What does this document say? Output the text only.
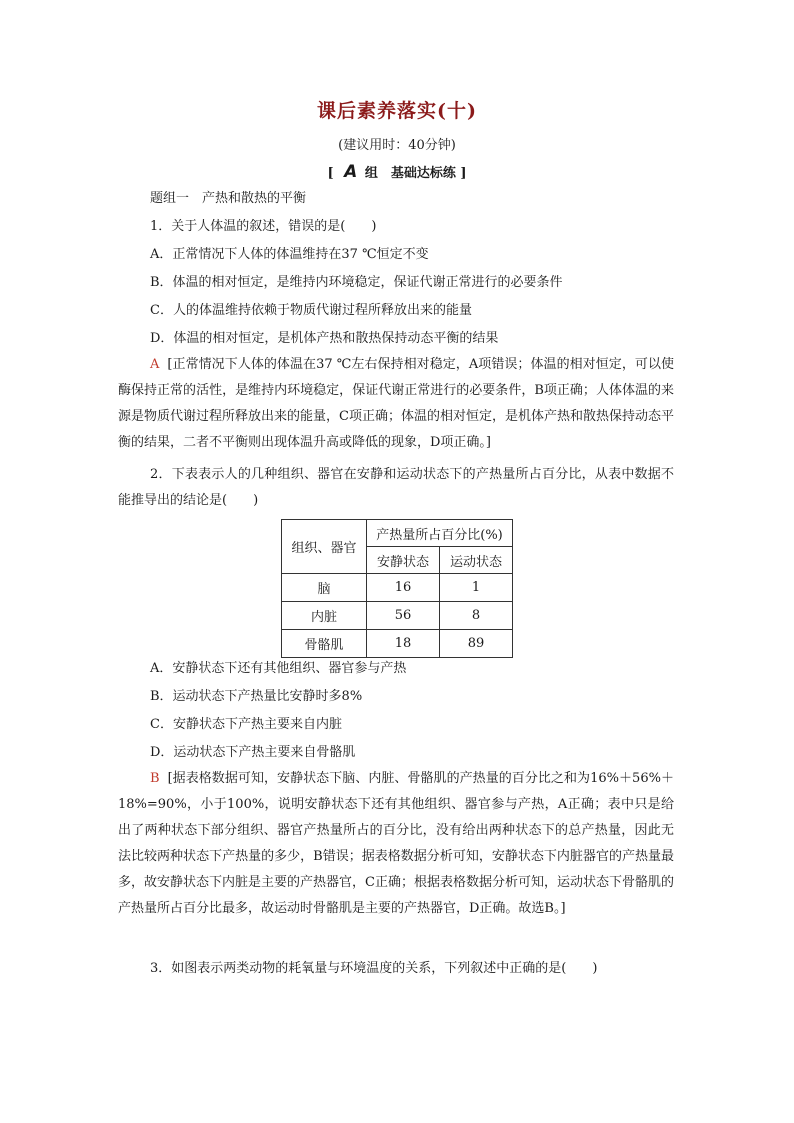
课后素养落实(十)
(建议用时：40分钟)
[ A 组　基础达标练 ]
题组一　产热和散热的平衡
1．关于人体温的叙述，错误的是(　　)
A．正常情况下人体的体温维持在37 ℃恒定不变
B．体温的相对恒定，是维持内环境稳定，保证代谢正常进行的必要条件
C．人的体温维持依赖于物质代谢过程所释放出来的能量
D．体温的相对恒定，是机体产热和散热保持动态平衡的结果
A [正常情况下人体的体温在37 ℃左右保持相对稳定，A项错误；体温的相对恒定，可以使酶保持正常的活性，是维持内环境稳定，保证代谢正常进行的必要条件，B项正确；人体体温的来源是物质代谢过程所释放出来的能量，C项正确；体温的相对恒定，是机体产热和散热保持动态平衡的结果，二者不平衡则出现体温升高或降低的现象，D项正确。]
2．下表表示人的几种组织、器官在安静和运动状态下的产热量所占百分比，从表中数据不能推导出的结论是(　　)
组织、器官	产热量所占百分比(%)	
	安静状态	运动状态
脑	16	1
内脏	56	8
骨骼肌	18	89
A．安静状态下还有其他组织、器官参与产热
B．运动状态下产热量比安静时多8%
C．安静状态下产热主要来自内脏
D．运动状态下产热主要来自骨骼肌
B [据表格数据可知，安静状态下脑、内脏、骨骼肌的产热量的百分比之和为16%＋56%＋18%=90%，小于100%，说明安静状态下还有其他组织、器官参与产热，A正确；表中只是给出了两种状态下部分组织、器官产热量所占的百分比，没有给出两种状态下的总产热量，因此无法比较两种状态下产热量的多少，B错误；据表格数据分析可知，安静状态下内脏器官的产热量最多，故安静状态下内脏是主要的产热器官，C正确；根据表格数据分析可知，运动状态下骨骼肌的产热量所占百分比最多，故运动时骨骼肌是主要的产热器官，D正确。故选B。]
3．如图表示两类动物的耗氧量与环境温度的关系，下列叙述中正确的是(　　)
